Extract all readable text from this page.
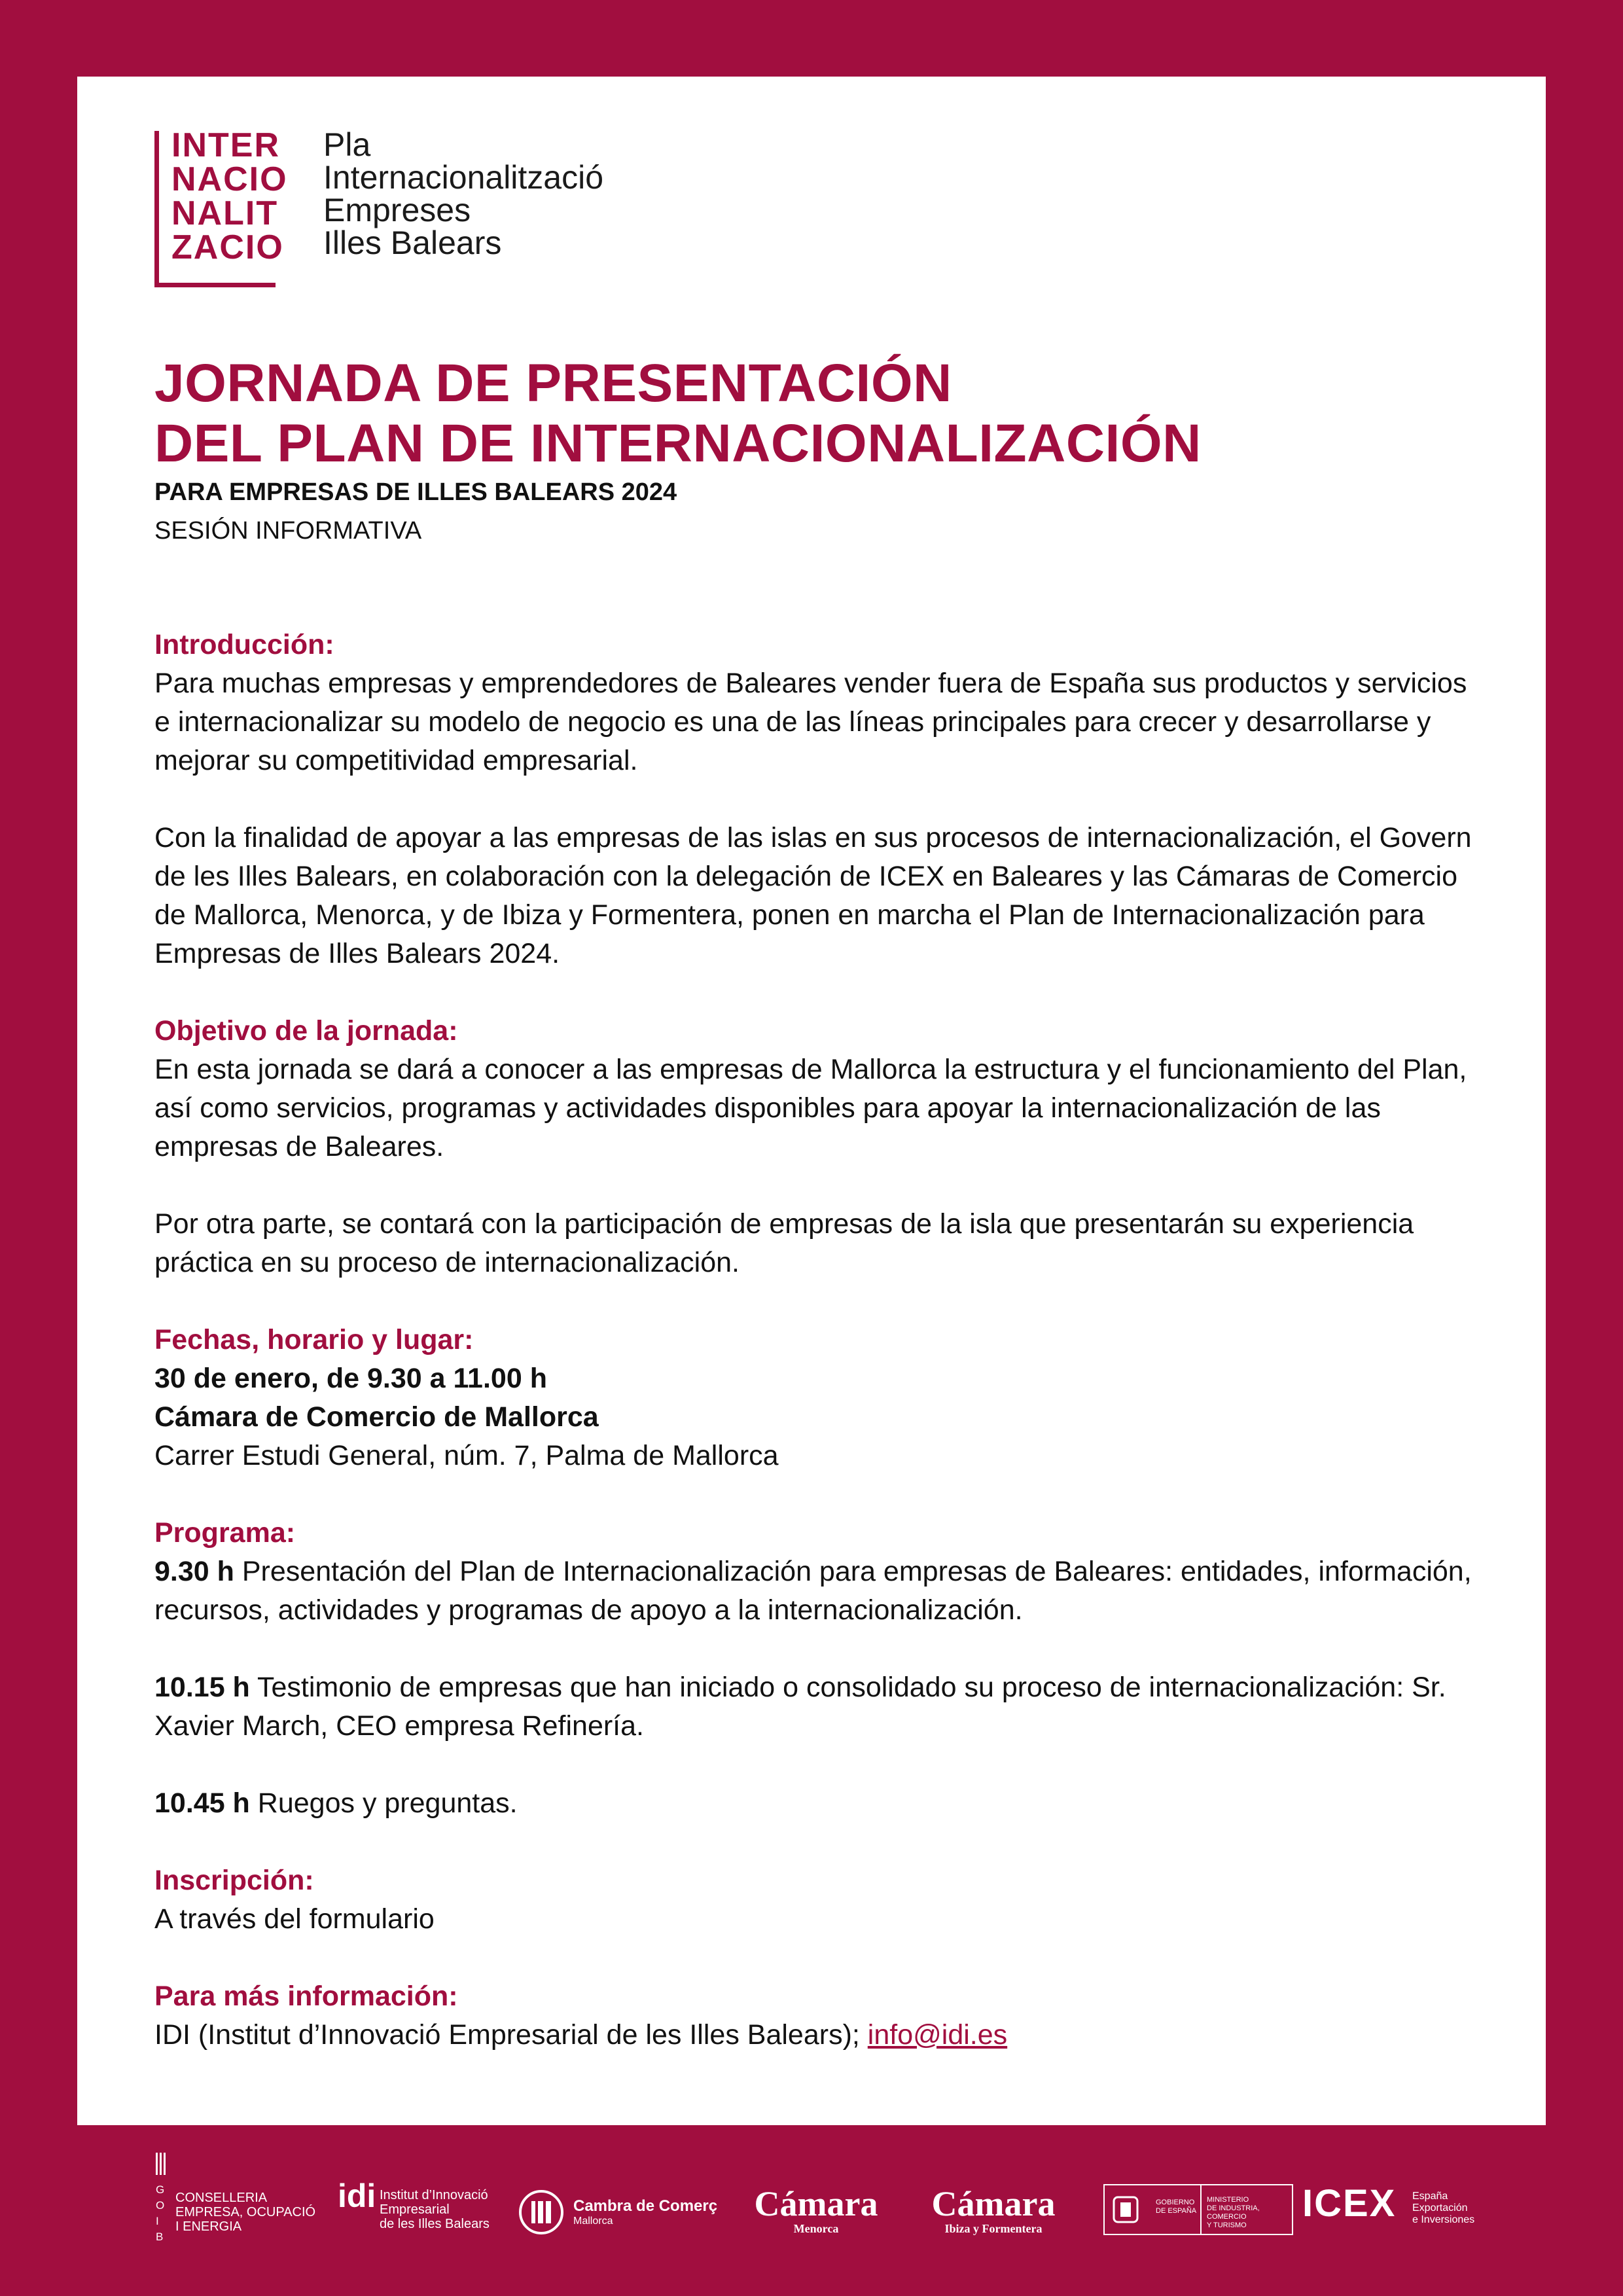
INTER
NACIO
NALIT
ZACIO
Pla
Internacionalització
Empreses
Illes Balears
JORNADA DE PRESENTACIÓN
DEL PLAN DE INTERNACIONALIZACIÓN
PARA EMPRESAS DE ILLES BALEARS 2024
SESIÓN INFORMATIVA

Introducción:

Para muchas empresas y emprendedores de Baleares vender fuera de España sus productos y servicios e internacionalizar su modelo de negocio es una de las líneas principales para crecer y desarrollarse y mejorar su competitividad empresarial.

Con la finalidad de apoyar a las empresas de las islas en sus procesos de internacionalización, el Govern de les Illes Balears, en colaboración con la delegación de ICEX en Baleares y las Cámaras de Comercio de Mallorca, Menorca, y de Ibiza y Formentera, ponen en marcha el Plan de Internacionalización para Empresas de Illes Balears 2024.

Objetivo de la jornada:

En esta jornada se dará a conocer a las empresas de Mallorca la estructura y el funcionamiento del Plan, así como servicios, programas y actividades disponibles para apoyar la internacionalización de las empresas de Baleares.

Por otra parte, se contará con la participación de empresas de la isla que presentarán su experiencia práctica en su proceso de internacionalización.

Fechas, horario y lugar:

30 de enero, de 9.30 a 11.00 h

Cámara de Comercio de Mallorca

Carrer Estudi General, núm. 7, Palma de Mallorca

Programa:

9.30 h Presentación del Plan de Internacionalización para empresas de Baleares: entidades, información, recursos, actividades y programas de apoyo a la internacionalización.

10.15 h Testimonio de empresas que han iniciado o consolidado su proceso de internacionalización: Sr. Xavier March, CEO empresa Refinería.

10.45 h Ruegos y preguntas.

Inscripción:

A través del formulario

Para más información:

IDI (Institut d’Innovació Empresarial de les Illes Balears); info@idi.es

G O I B
CONSELLERIA
EMPRESA, OCUPACIÓ
I ENERGIA
idi Institut d’Innovació
Empresarial
de les Illes Balears
Cambra de Comerç
Mallorca	Cámara
Menorca
Cámara
Ibiza y Formentera
GOBIERNO
DE ESPAÑA
MINISTERIO
DE INDUSTRIA, COMERCIO
Y TURISMO
ICEX España
Exportación
e Inversiones
